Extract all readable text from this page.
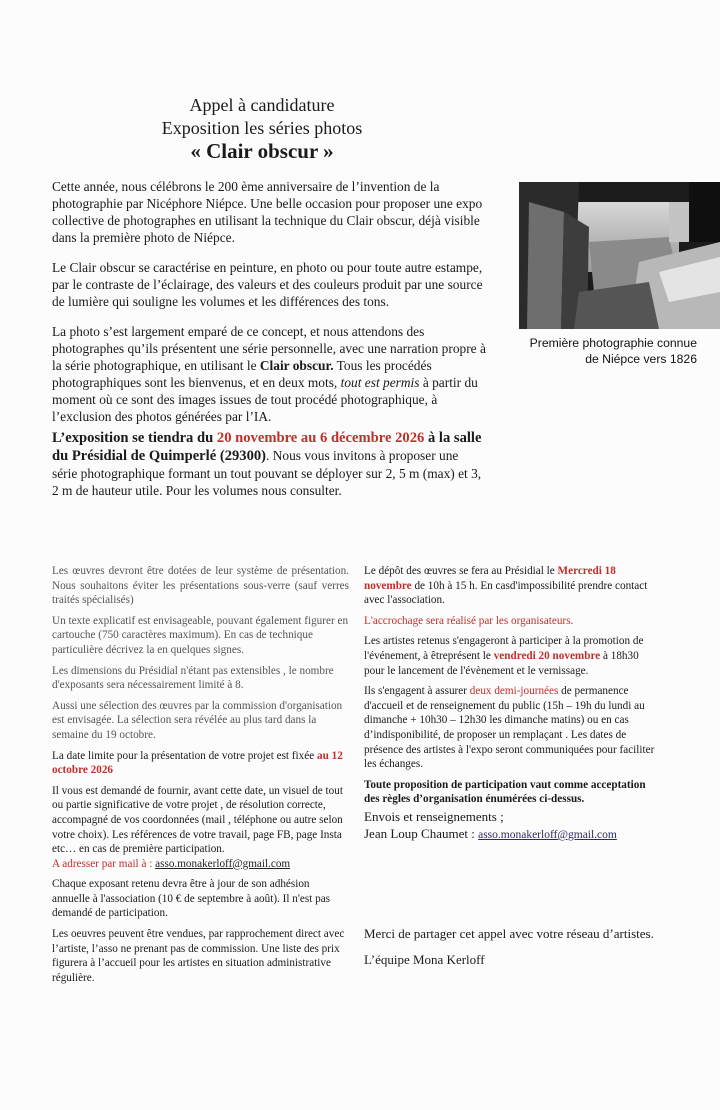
Appel à candidature
Exposition les séries photos
« Clair obscur »

Cette année, nous célébrons le 200 ème anniversaire de l’invention de la photographie par Nicéphore Niépce. Une belle occasion pour proposer une expo collective de photographes en utilisant la technique du Clair obscur, déjà visible dans la première photo de Niépce.

Le Clair obscur se caractérise en peinture, en photo ou pour toute autre estampe, par le contraste de l’éclairage, des valeurs et des couleurs produit par une source de lumière qui souligne les volumes et les différences des tons.

La photo s’est largement emparé de ce concept, et nous attendons des photographes qu’ils présentent une série personnelle, avec une narration propre à la série photographique, en utilisant le Clair obscur. Tous les procédés photographiques sont les bienvenus, et en deux mots, tout est permis à partir du moment où ce sont des images issues de tout procédé photographique, à l’exclusion des photos générées par l’IA.

L’exposition se tiendra du 20 novembre au 6 décembre 2026 à la salle du Présidial de Quimperlé (29300). Nous vous invitons à proposer une série photographique formant un tout pouvant se déployer sur 2, 5 m (max) et 3, 2 m de hauteur utile. Pour les volumes nous consulter.
Première photographie connue
de Niépce vers 1826

Les œuvres devront être dotées de leur système de présentation. Nous souhaitons éviter les présentations sous-verre (sauf verres traités spécialisés)

Un texte explicatif est envisageable, pouvant également figurer en cartouche (750 caractères maximum). En cas de technique particulière décrivez la en quelques signes.

Les dimensions du Présidial n'étant pas extensibles , le nombre d'exposants sera nécessairement limité à 8.

Aussi une sélection des œuvres par la commission d'organisation est envisagée. La sélection sera révélée au plus tard dans la semaine du 19 octobre.

La date limite pour la présentation de votre projet est fixée au 12 octobre 2026

Il vous est demandé de fournir, avant cette date, un visuel de tout ou partie significative de votre projet , de résolution correcte, accompagné de vos coordonnées (mail , téléphone ou autre selon votre choix). Les références de votre travail, page FB, page Insta etc… en cas de première participation.
A adresser par mail à : asso.monakerloff@gmail.com

Chaque exposant retenu devra être à jour de son adhésion annuelle à l'association (10 € de septembre à août). Il n'est pas demandé de participation.

Les oeuvres peuvent être vendues, par rapprochement direct avec l’artiste, l’asso ne prenant pas de commission. Une liste des prix figurera à l’accueil pour les artistes en situation administrative régulière.

Le dépôt des œuvres se fera au Présidial le Mercredi 18 novembre de 10h à 15 h. En casd'impossibilité prendre contact avec l'association.

L'accrochage sera réalisé par les organisateurs.

Les artistes retenus s'engageront à participer à la promotion de l'événement, à êtreprésent le vendredi 20 novembre à 18h30 pour le lancement de l'évènement et le vernissage.

Ils s'engagent à assurer deux demi-journées de permanence d'accueil et de renseignement du public (15h – 19h du lundi au dimanche + 10h30 – 12h30 les dimanche matins) ou en cas d’indisponibilité, de proposer un remplaçant . Les dates de présence des artistes à l'expo seront communiquées pour faciliter les échanges.

Toute proposition de participation vaut comme acceptation des règles d’organisation énumérées ci-dessus.

Envois et renseignements ;
Jean Loup Chaumet : asso.monakerloff@gmail.com

Merci de partager cet appel avec votre réseau d’artistes.

L’équipe Mona Kerloff
